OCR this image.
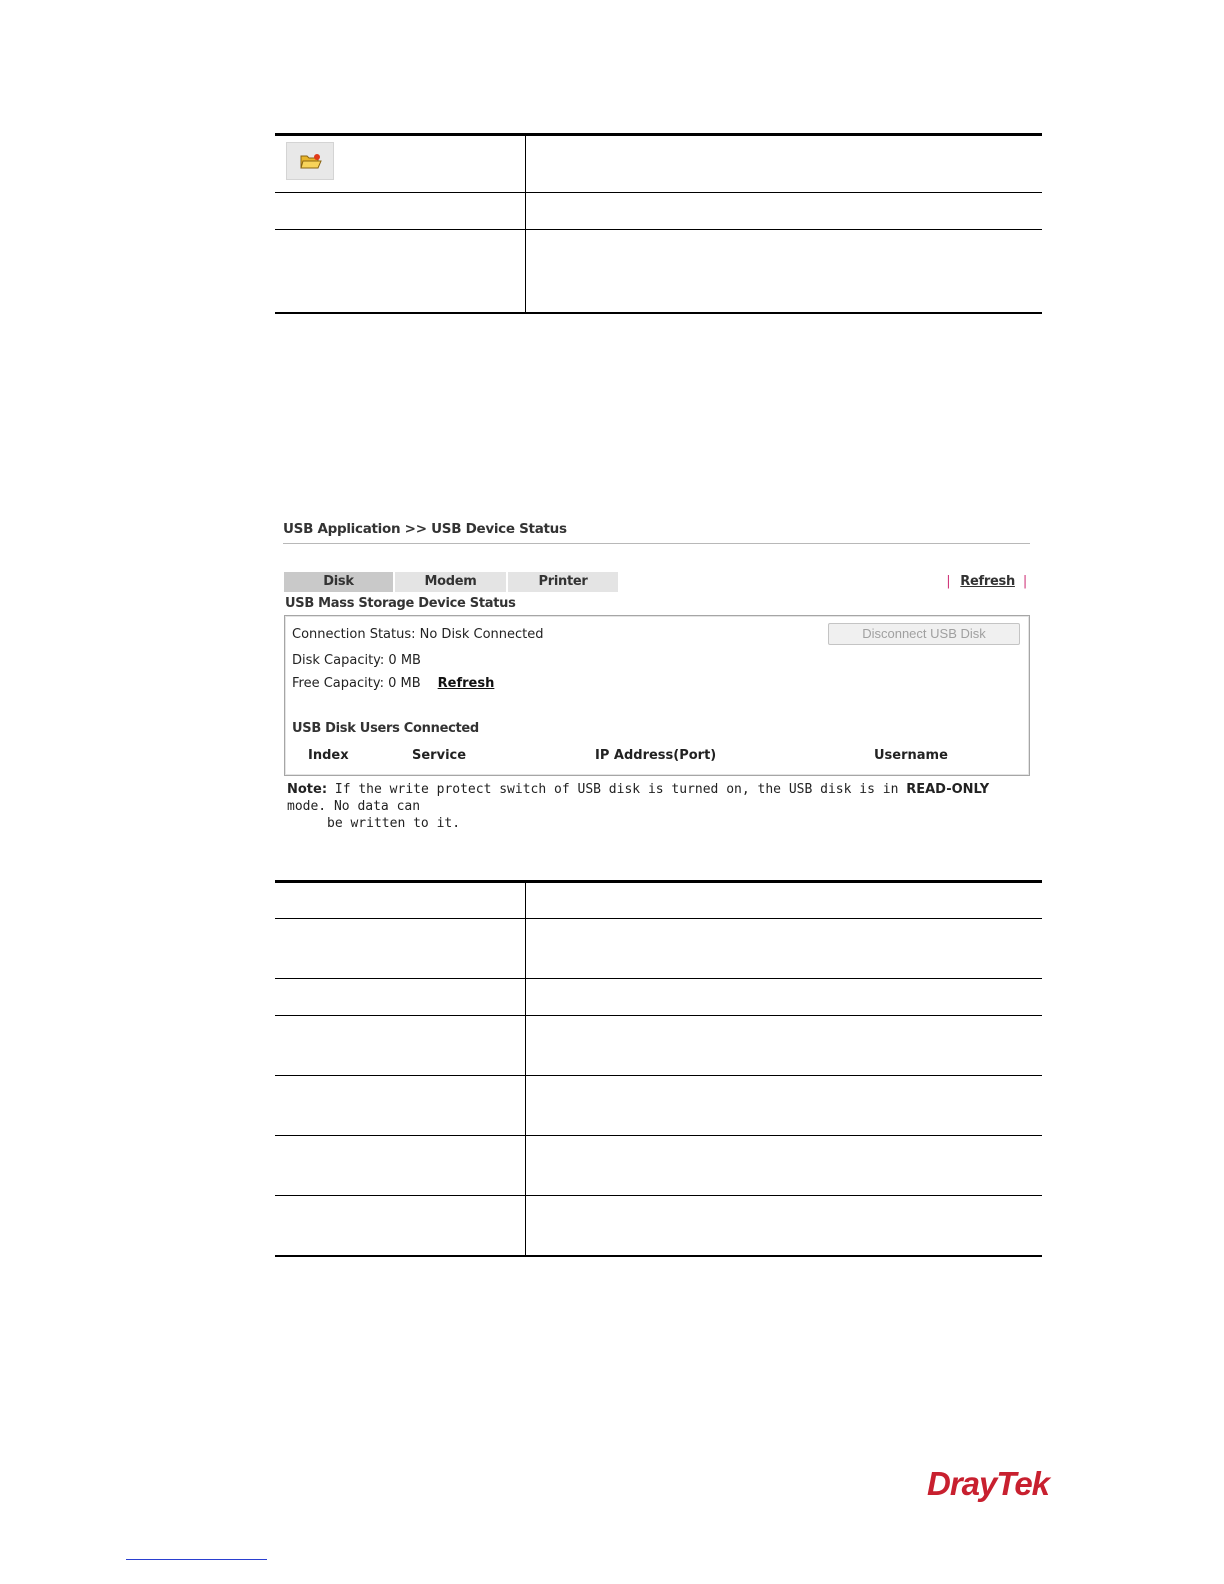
USB Application >> USB Device Status
Disk	Modem	Printer	| Refresh |
USB Mass Storage Device Status
Connection Status: No Disk Connected	Disconnect USB Disk
Disk Capacity: 0 MB
Free Capacity: 0 MB Refresh
USB Disk Users Connected
Index	Service	IP Address(Port)	Username
Note: If the write protect switch of USB disk is turned on, the USB disk is in READ-ONLY mode. No data can
be written to it.
DrayTek
